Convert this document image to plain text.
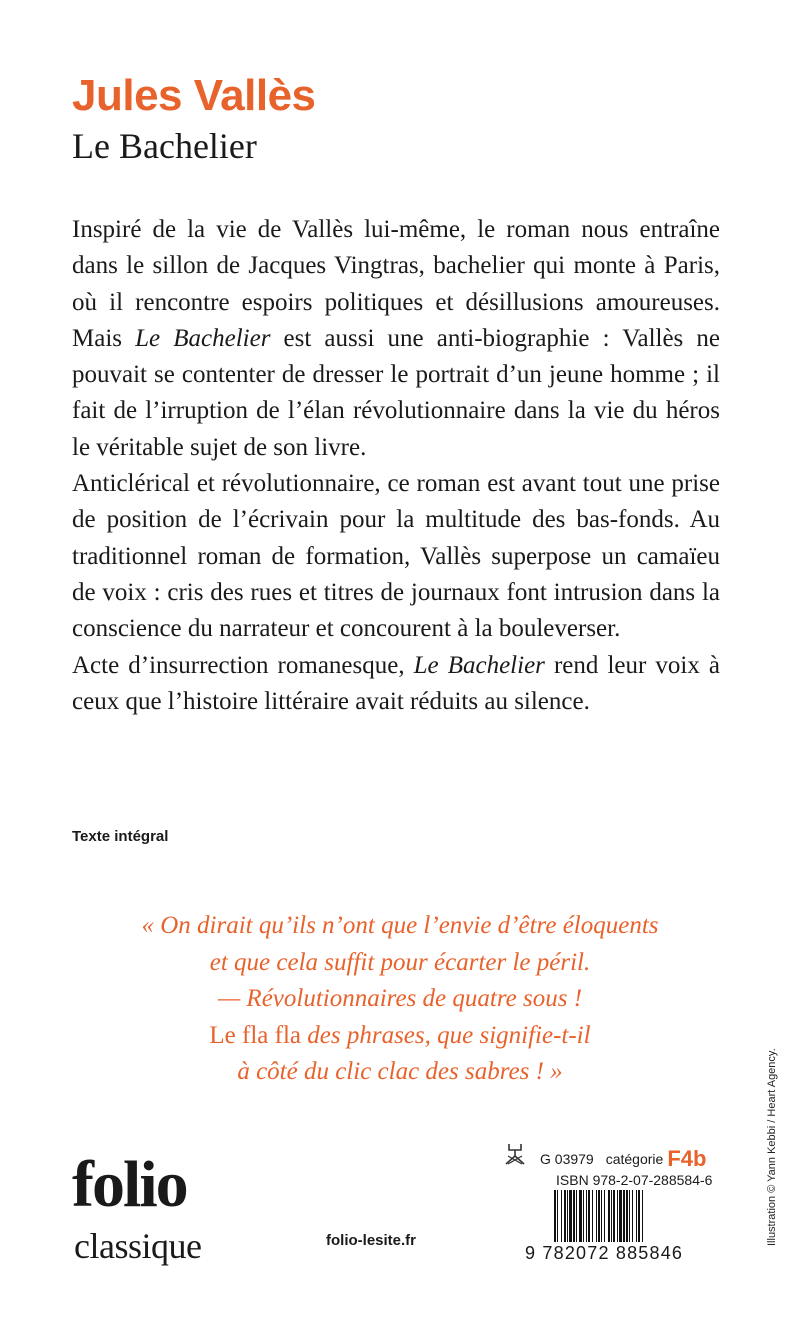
Jules Vallès
Le Bachelier

Inspiré de la vie de Vallès lui-même, le roman nous entraîne dans le sillon de Jacques Vingtras, bachelier qui monte à Paris, où il rencontre espoirs politiques et désillusions amoureuses. Mais Le Bachelier est aussi une anti-biographie : Vallès ne pouvait se contenter de dresser le portrait d’un jeune homme ; il fait de l’irruption de l’élan révolutionnaire dans la vie du héros le véritable sujet de son livre.

Anticlérical et révolutionnaire, ce roman est avant tout une prise de position de l’écrivain pour la multitude des bas-fonds. Au traditionnel roman de formation, Vallès superpose un camaïeu de voix : cris des rues et titres de journaux font intrusion dans la conscience du narrateur et concourent à la bouleverser.

Acte d’insurrection romanesque, Le Bachelier rend leur voix à ceux que l’histoire littéraire avait réduits au silence.

Texte intégral
« On dirait qu’ils n’ont que l’envie d’être éloquents
et que cela suffit pour écarter le péril.
— Révolutionnaires de quatre sous !
Le fla fla des phrases, que signifie-t-il
à côté du clic clac des sabres ! »
G 03979 catégorie F4b
ISBN 978-2-07-288584-6
9 782072 885846
folio
classique	folio-lesite.fr	Illustration © Yann Kebbi / Heart Agency.
